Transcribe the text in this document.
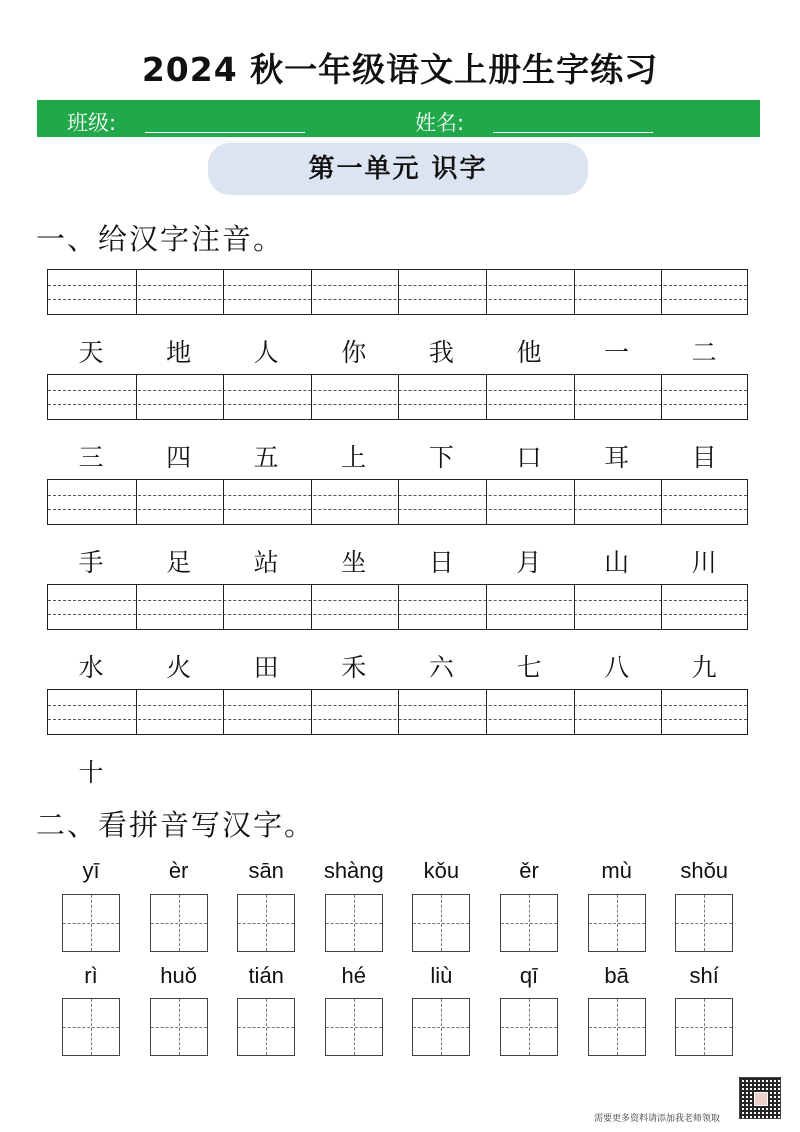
2024 秋一年级语文上册生字练习
班级:	姓名:
第一单元 识字
一、给汉字注音。
天	地	人	你	我	他	一	二
三	四	五	上	下	口	耳	目
手	足	站	坐	日	月	山	川
水	火	田	禾	六	七	八	九
十
二、看拼音写汉字。
yī	èr	sān	shàng	kǒu	ěr	mù	shǒu
rì	huǒ	tián	hé	liù	qī	bā	shí
需要更多资料请添加我老师领取
